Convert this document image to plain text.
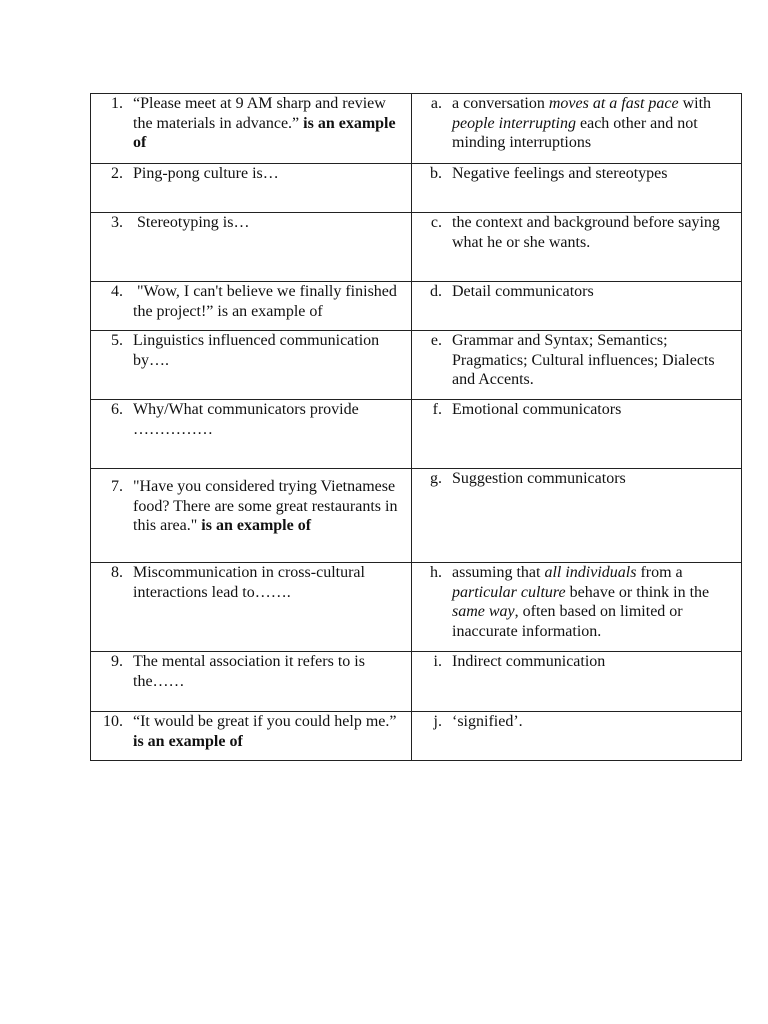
1. “Please meet at 9 AM sharp and review the materials in advance.” is an example of	a. a conversation moves at a fast pace with people interrupting each other and not minding interruptions

2. Ping-pong culture is…	b. Negative feelings and stereotypes

3. Stereotyping is…	c. the context and background before saying what he or she wants.

4. "Wow, I can't believe we finally finished the project!” is an example of	d. Detail communicators

5. Linguistics influenced communication by….	e. Grammar and Syntax; Semantics; Pragmatics; Cultural influences; Dialects and Accents.

6. Why/What communicators provide ……………	f. Emotional communicators

7. "Have you considered trying Vietnamese food? There are some great restaurants in this area." is an example of	g. Suggestion communicators

8. Miscommunication in cross-cultural interactions lead to…….	h. assuming that all individuals from a particular culture behave or think in the same way, often based on limited or inaccurate information.

9. The mental association it refers to is the……	i. Indirect communication

10. “It would be great if you could help me.” is an example of	j. ‘signified’.
